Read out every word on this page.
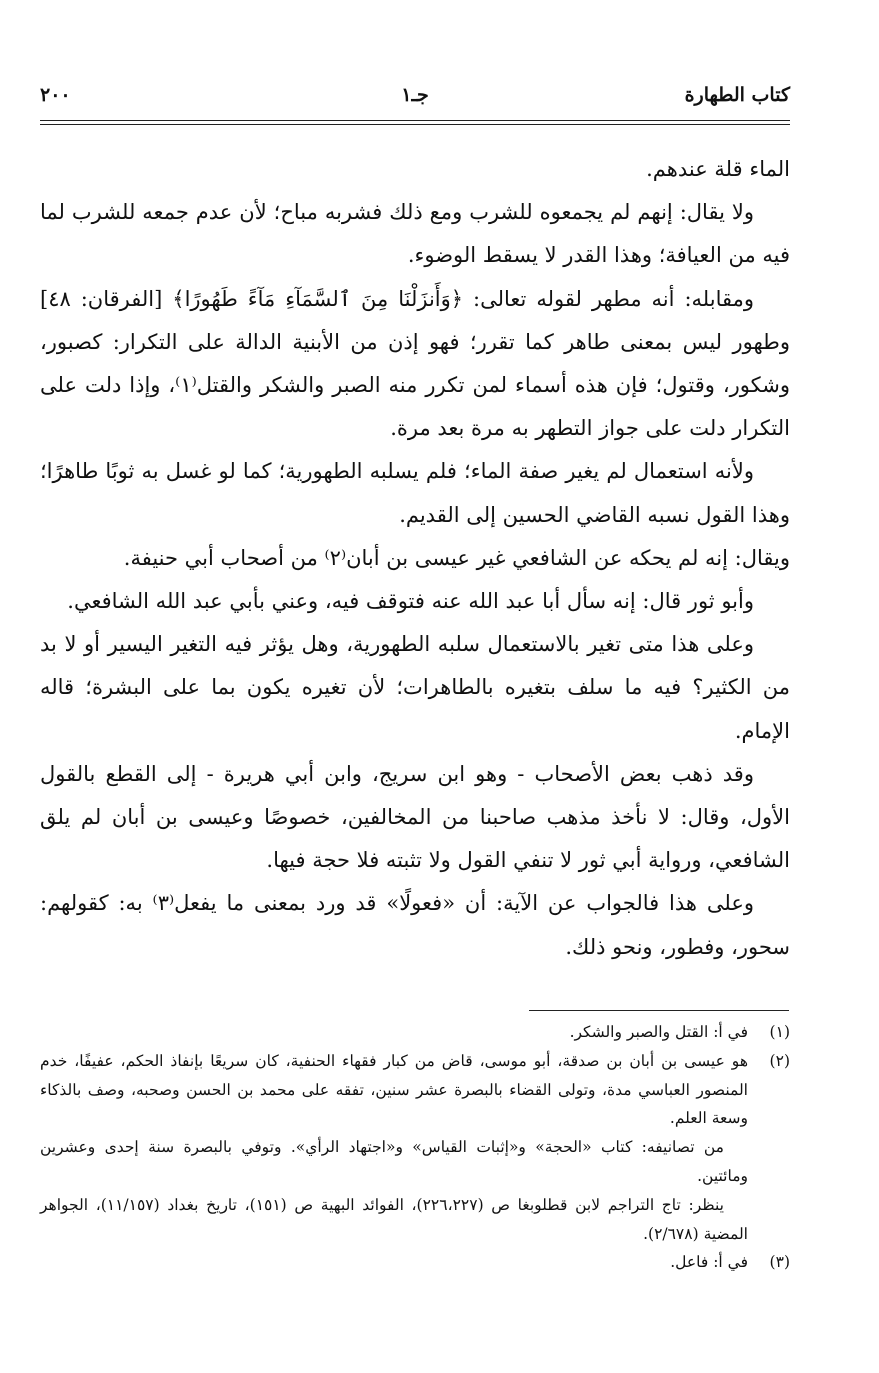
٢٠٠	جـ١	كتاب الطهارة

الماء قلة عندهم.

ولا يقال: إنهم لم يجمعوه للشرب ومع ذلك فشربه مباح؛ لأن عدم جمعه للشرب لما فيه من العيافة؛ وهذا القدر لا يسقط الوضوء.

ومقابله: أنه مطهر لقوله تعالى: ﴿وَأَنزَلْنَا مِنَ ٱلسَّمَآءِ مَآءً طَهُورًا﴾ [الفرقان: ٤٨] وطهور ليس بمعنى طاهر كما تقرر؛ فهو إذن من الأبنية الدالة على التكرار: كصبور، وشكور، وقتول؛ فإن هذه أسماء لمن تكرر منه الصبر والشكر والقتل⁽١⁾، وإذا دلت على التكرار دلت على جواز التطهر به مرة بعد مرة.

ولأنه استعمال لم يغير صفة الماء؛ فلم يسلبه الطهورية؛ كما لو غسل به ثوبًا طاهرًا؛ وهذا القول نسبه القاضي الحسين إلى القديم.

ويقال: إنه لم يحكه عن الشافعي غير عيسى بن أبان⁽٢⁾ من أصحاب أبي حنيفة.

وأبو ثور قال: إنه سأل أبا عبد الله عنه فتوقف فيه، وعني بأبي عبد الله الشافعي.

وعلى هذا متى تغير بالاستعمال سلبه الطهورية، وهل يؤثر فيه التغير اليسير أو لا بد من الكثير؟ فيه ما سلف بتغيره بالطاهرات؛ لأن تغيره يكون بما على البشرة؛ قاله الإمام.

وقد ذهب بعض الأصحاب - وهو ابن سريج، وابن أبي هريرة - إلى القطع بالقول الأول، وقال: لا نأخذ مذهب صاحبنا من المخالفين، خصوصًا وعيسى بن أبان لم يلق الشافعي، ورواية أبي ثور لا تنفي القول ولا تثبته فلا حجة فيها.

وعلى هذا فالجواب عن الآية: أن «فعولًا» قد ورد بمعنى ما يفعل⁽٣⁾ به: كقولهم: سحور، وفطور، ونحو ذلك.

(١)
في أ: القتل والصبر والشكر.

(٢)
هو عيسى بن أبان بن صدقة، أبو موسى، قاض من كبار فقهاء الحنفية، كان سريعًا بإنفاذ الحكم، عفيفًا، خدم المنصور العباسي مدة، وتولى القضاء بالبصرة عشر سنين، تفقه على محمد بن الحسن وصحبه، وصف بالذكاء وسعة العلم.

من تصانيفه: كتاب «الحجة» و«إثبات القياس» و«اجتهاد الرأي». وتوفي بالبصرة سنة إحدى وعشرين ومائتين.

ينظر: تاج التراجم لابن قطلوبغا ص (٢٢٦،٢٢٧)، الفوائد البهية ص (١٥١)، تاريخ بغداد (١١/١٥٧)، الجواهر المضية (٢/٦٧٨).

(٣)
في أ: فاعل.
